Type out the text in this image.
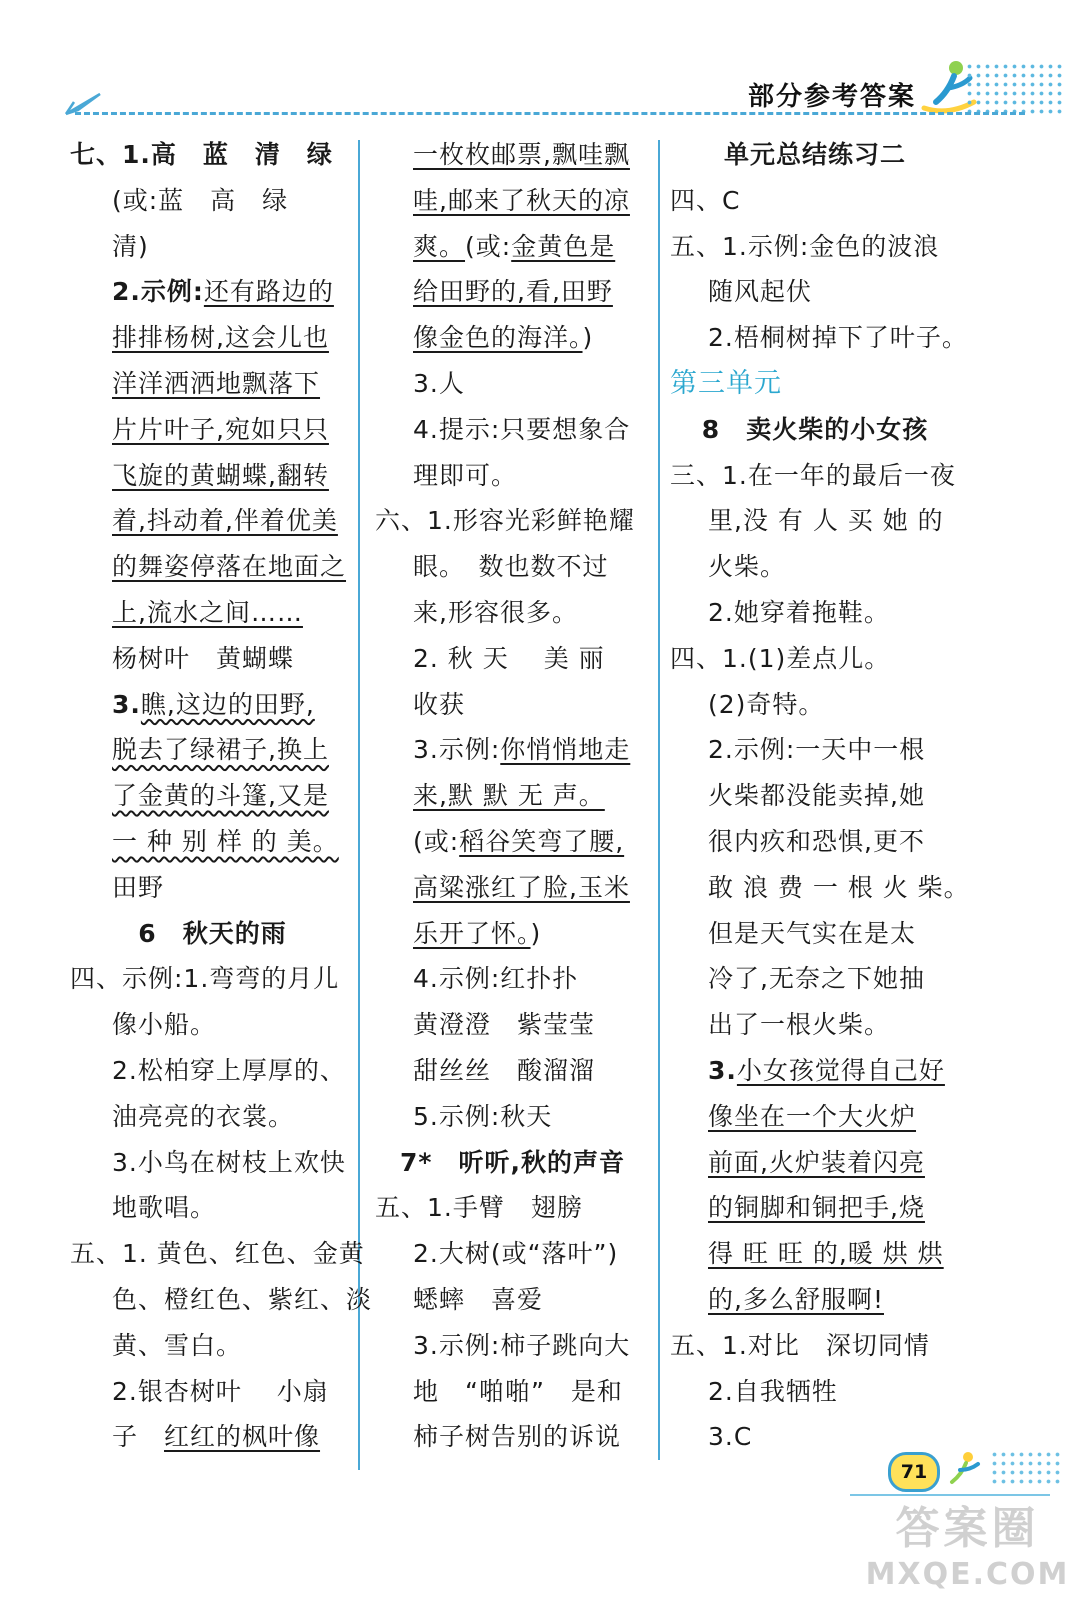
部分参考答案
七、1.高　蓝　清　绿
(或:蓝　高　绿
清)
2.示例:还有路边的
排排杨树,这会儿也
洋洋洒洒地飘落下
片片叶子,宛如只只
飞旋的黄蝴蝶,翻转
着,抖动着,伴着优美
的舞姿停落在地面之
上,流水之间……
杨树叶　黄蝴蝶
3.瞧,这边的田野,
脱去了绿裙子,换上
了金黄的斗篷,又是
一 种 别 样 的 美。
田野
6　秋天的雨
四、示例:1.弯弯的月儿
像小船。
2.松柏穿上厚厚的、
油亮亮的衣裳。
3.小鸟在树枝上欢快
地歌唱。
五、1. 黄色、红色、金黄
色、橙红色、紫红、淡
黄、雪白。
2.银杏树叶　 小扇
子　红红的枫叶像
一枚枚邮票,飘哇飘
哇,邮来了秋天的凉
爽。(或:金黄色是
给田野的,看,田野
像金色的海洋。)
3.人
4.提示:只要想象合
理即可。
六、1.形容光彩鲜艳耀
眼。　数也数不过
来,形容很多。
2. 秋 天　 美 丽
收获
3.示例:你悄悄地走
来,默 默 无 声。
(或:稻谷笑弯了腰,
高粱涨红了脸,玉米
乐开了怀。)
4.示例:红扑扑
黄澄澄　紫莹莹
甜丝丝　酸溜溜
5.示例:秋天
7*　听听,秋的声音
五、1.手臂　翅膀
2.大树(或“落叶”)
蟋蟀　喜爱
3.示例:柿子跳向大
地　“啪啪”　是和
柿子树告别的诉说
单元总结练习二
四、C
五、1.示例:金色的波浪
随风起伏
2.梧桐树掉下了叶子。
第三单元
8　卖火柴的小女孩
三、1.在一年的最后一夜
里,没 有 人 买 她 的
火柴。
2.她穿着拖鞋。
四、1.(1)差点儿。
(2)奇特。
2.示例:一天中一根
火柴都没能卖掉,她
很内疚和恐惧,更不
敢 浪 费 一 根 火 柴。
但是天气实在是太
冷了,无奈之下她抽
出了一根火柴。
3.小女孩觉得自己好
像坐在一个大火炉
前面,火炉装着闪亮
的铜脚和铜把手,烧
得 旺 旺 的,暖 烘 烘
的,多么舒服啊!
五、1.对比　深切同情
2.自我牺牲
3.C
71
答案圈
MXQE.COM
